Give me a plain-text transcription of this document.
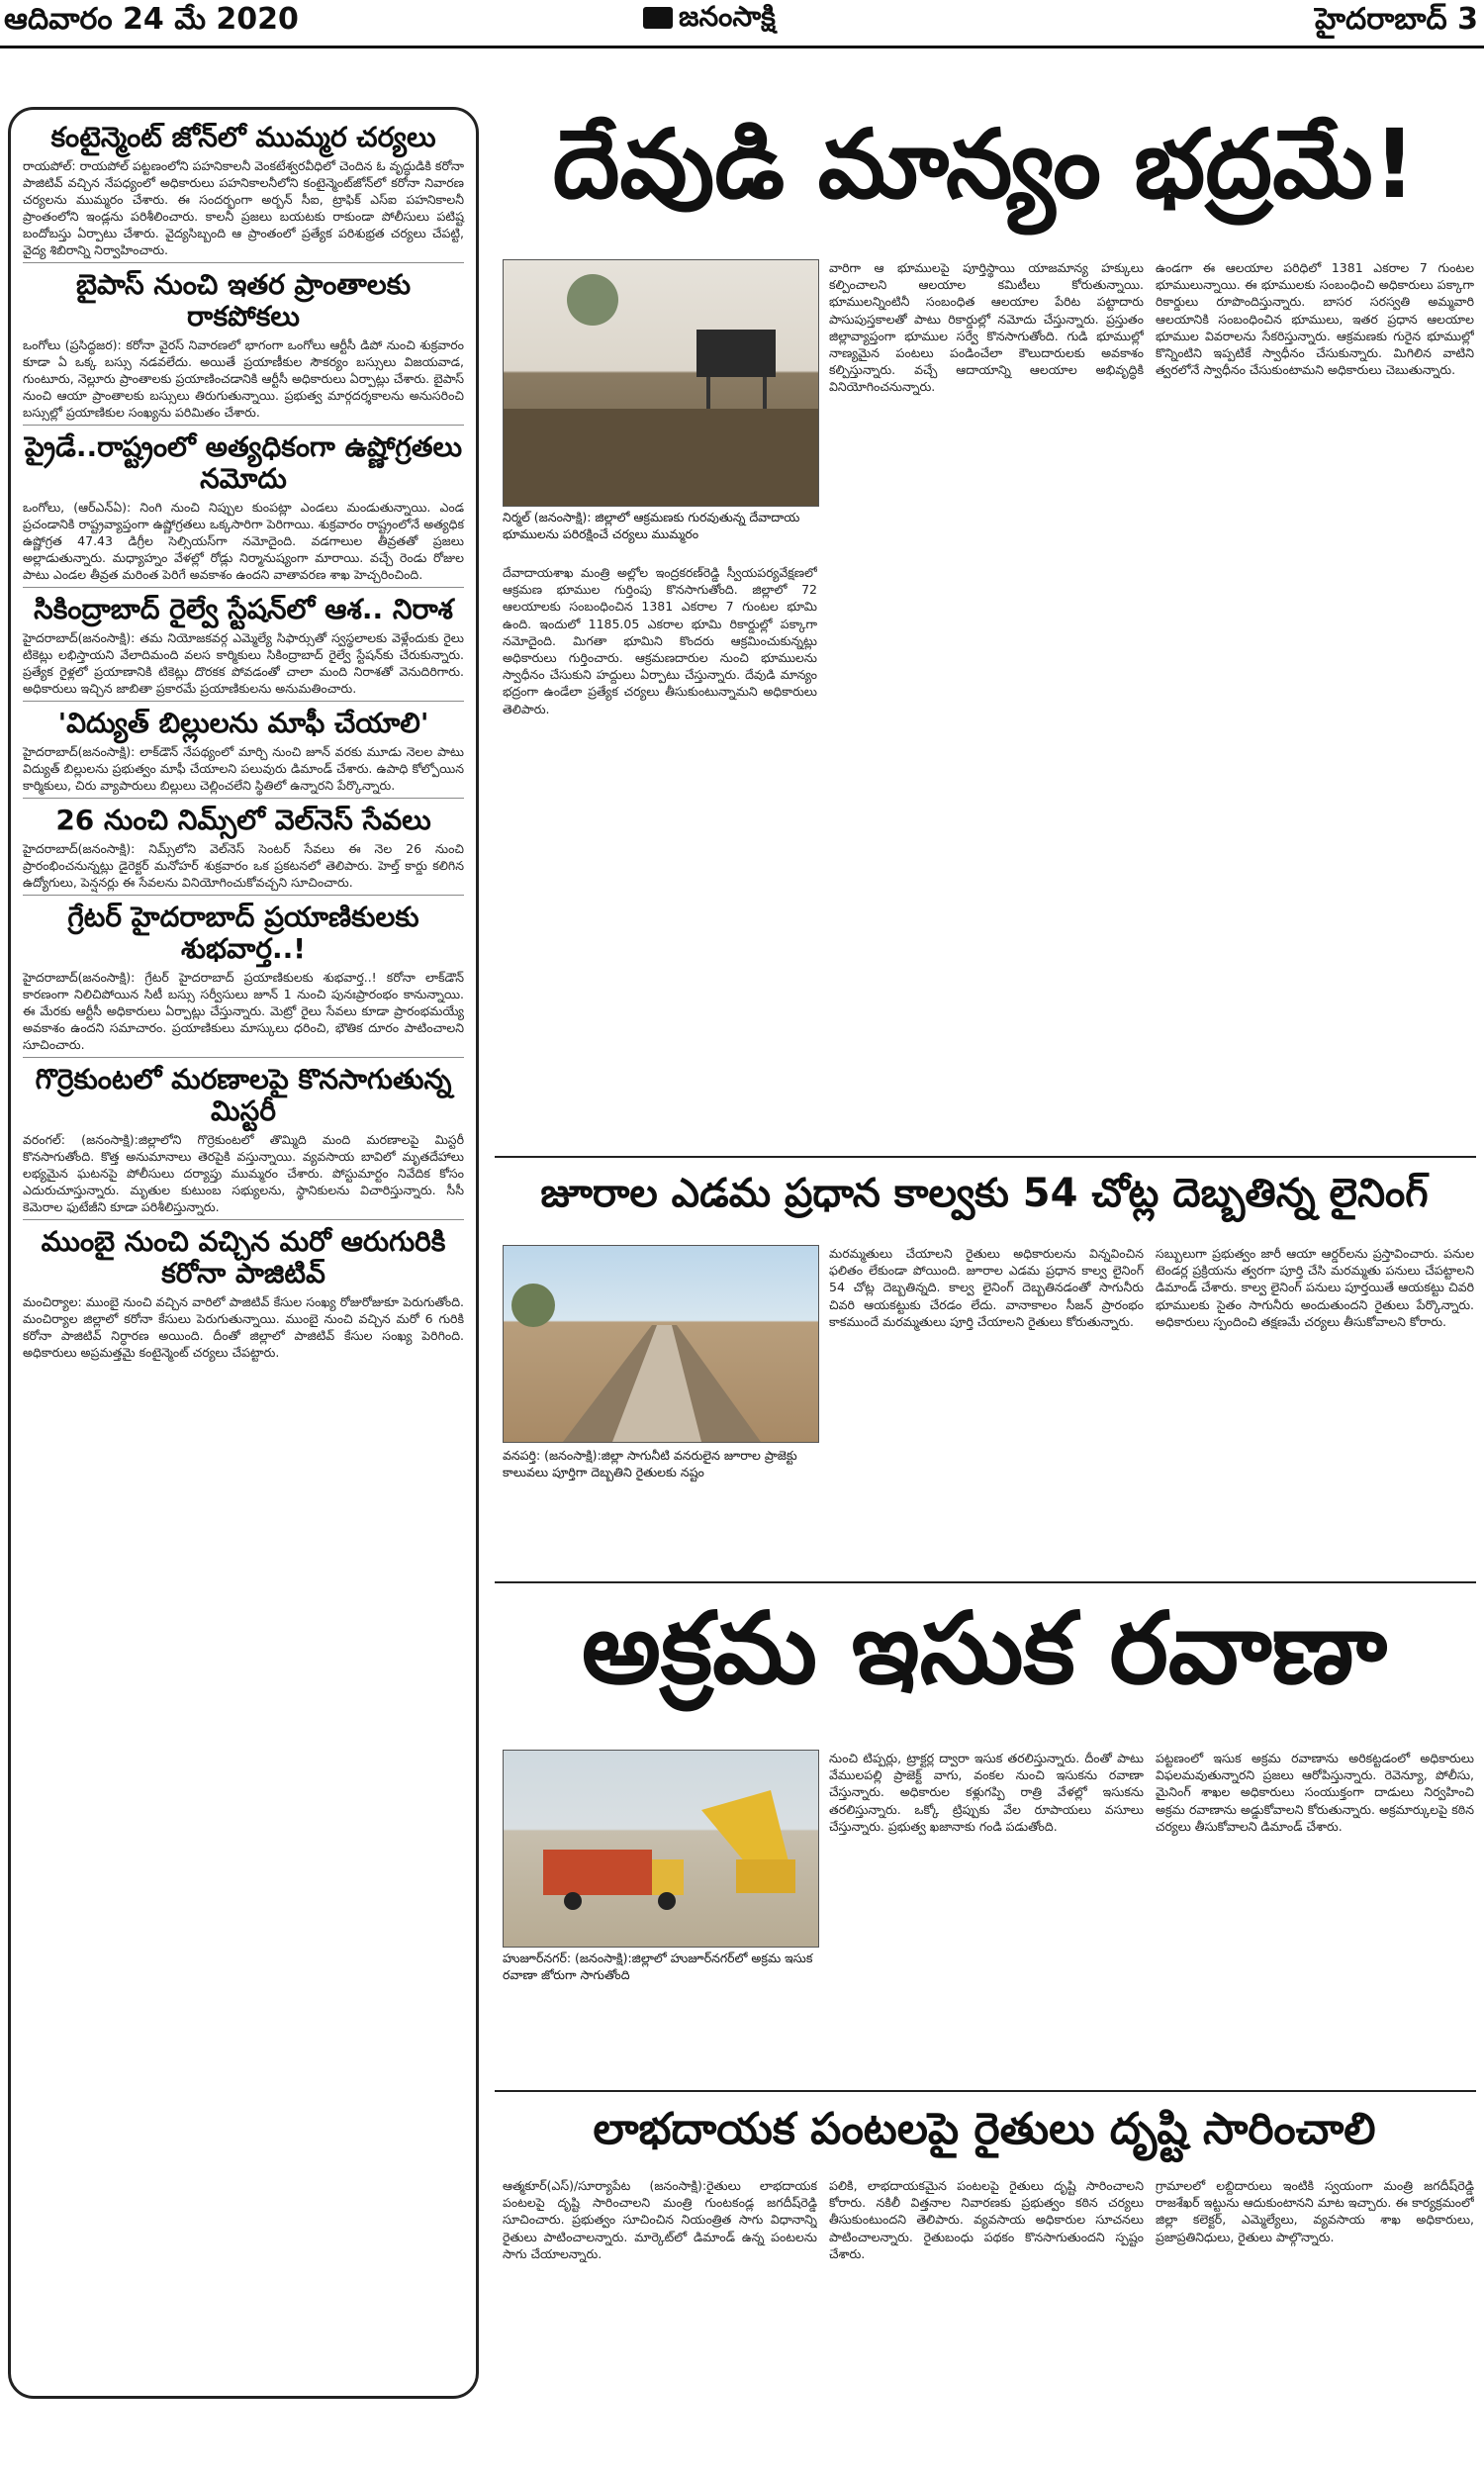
ఆదివారం 24 మే 2020	జనంసాక్షి	హైదరాబాద్ 3
కంటైన్మెంట్ జోన్‌లో ముమ్మర చర్యలు

రాయపోల్: రాయపోల్ పట్టణంలోని పహనికాలనీ వెంకటేశ్వరవీధిలో చెందిన ఓ వృద్ధుడికి కరోనా పాజిటివ్ వచ్చిన నేపధ్యంలో అధికారులు పహనికాలనీలోని కంటైన్మెంట్‌జోన్‌లో కరోనా నివారణ చర్యలను ముమ్మరం చేశారు. ఈ సందర్భంగా అర్బన్ సీఐ, ట్రాఫిక్ ఎస్‌ఐ పహనికాలనీ ప్రాంతంలోని ఇండ్లను పరిశీలించారు. కాలనీ ప్రజలు బయటకు రాకుండా పోలీసులు పటిష్ట బందోబస్తు ఏర్పాటు చేశారు. వైద్యసిబ్బంది ఆ ప్రాంతంలో ప్రత్యేక పరిశుభ్రత చర్యలు చేపట్టి, వైద్య శిబిరాన్ని నిర్వాహించారు.

బైపాస్ నుంచి ఇతర ప్రాంతాలకు రాకపోకలు

ఒంగోలు (ప్రసిద్ధజర): కరోనా వైరస్ నివారణలో భాగంగా ఒంగోలు ఆర్టీసీ డిపో నుంచి శుక్రవారం కూడా ఏ ఒక్క బస్సు నడవలేదు. అయితే ప్రయాణీకుల సౌకర్యం బస్సులు విజయవాడ, గుంటూరు, నెల్లూరు ప్రాంతాలకు ప్రయాణించడానికి ఆర్టీసీ అధికారులు ఏర్పాట్లు చేశారు. బైపాస్ నుంచి ఆయా ప్రాంతాలకు బస్సులు తిరుగుతున్నాయి. ప్రభుత్వ మార్గదర్శకాలను అనుసరించి బస్సుల్లో ప్రయాణికుల సంఖ్యను పరిమితం చేశారు.

ప్రైడే..రాష్ట్రంలో అత్యధికంగా ఉష్ణోగ్రతలు నమోదు

ఒంగోలు, (ఆర్‌ఎన్ఏ): నింగి నుంచి నిప్పుల కుంపట్లా ఎండలు మండుతున్నాయి. ఎండ ప్రచండానికి రాష్ట్రవ్యాప్తంగా ఉష్ణోగ్రతలు ఒక్కసారిగా పెరిగాయి. శుక్రవారం రాష్ట్రంలోనే అత్యధిక ఉష్ణోగ్రత 47.43 డిగ్రీల సెల్సియస్‌గా నమోదైంది. వడగాలుల తీవ్రతతో ప్రజలు అల్లాడుతున్నారు. మధ్యాహ్నం వేళల్లో రోడ్లు నిర్మానుష్యంగా మారాయి. వచ్చే రెండు రోజుల పాటు ఎండల తీవ్రత మరింత పెరిగే అవకాశం ఉందని వాతావరణ శాఖ హెచ్చరించింది.

సికింద్రాబాద్ రైల్వే స్టేషన్‌లో ఆశ.. నిరాశ

హైదరాబాద్(జనంసాక్షి): తమ నియోజకవర్గ ఎమ్మెల్యే సిఫార్సుతో స్వస్థలాలకు వెళ్లేందుకు రైలు టికెట్లు లభిస్తాయని వేలాదిమంది వలస కార్మికులు సికింద్రాబాద్ రైల్వే స్టేషన్‌కు చేరుకున్నారు. ప్రత్యేక రైళ్లలో ప్రయాణానికి టికెట్లు దొరకక పోవడంతో చాలా మంది నిరాశతో వెనుదిరిగారు. అధికారులు ఇచ్చిన జాబితా ప్రకారమే ప్రయాణికులను అనుమతించారు.

'విద్యుత్ బిల్లులను మాఫీ చేయాలి'

హైదరాబాద్(జనంసాక్షి): లాక్‌డౌన్ నేపథ్యంలో మార్చి నుంచి జూన్ వరకు మూడు నెలల పాటు విద్యుత్ బిల్లులను ప్రభుత్వం మాఫీ చేయాలని పలువురు డిమాండ్ చేశారు. ఉపాధి కోల్పోయిన కార్మికులు, చిరు వ్యాపారులు బిల్లులు చెల్లించలేని స్థితిలో ఉన్నారని పేర్కొన్నారు.

26 నుంచి నిమ్స్‌లో వెల్‌నెస్ సేవలు

హైదరాబాద్(జనంసాక్షి): నిమ్స్‌లోని వెల్‌నెస్ సెంటర్ సేవలు ఈ నెల 26 నుంచి ప్రారంభించనున్నట్లు డైరెక్టర్ మనోహర్ శుక్రవారం ఒక ప్రకటనలో తెలిపారు. హెల్త్ కార్డు కలిగిన ఉద్యోగులు, పెన్షనర్లు ఈ సేవలను వినియోగించుకోవచ్చని సూచించారు.

గ్రేటర్ హైదరాబాద్ ప్రయాణికులకు శుభవార్త..!

హైదరాబాద్(జనంసాక్షి): గ్రేటర్ హైదరాబాద్ ప్రయాణికులకు శుభవార్త..! కరోనా లాక్‌డౌన్ కారణంగా నిలిచిపోయిన సిటీ బస్సు సర్వీసులు జూన్ 1 నుంచి పునఃప్రారంభం కానున్నాయి. ఈ మేరకు ఆర్టీసీ అధికారులు ఏర్పాట్లు చేస్తున్నారు. మెట్రో రైలు సేవలు కూడా ప్రారంభమయ్యే అవకాశం ఉందని సమాచారం. ప్రయాణికులు మాస్కులు ధరించి, భౌతిక దూరం పాటించాలని సూచించారు.

గొర్రెకుంటలో మరణాలపై కొనసాగుతున్న మిస్టరీ

వరంగల్: (జనంసాక్షి):జిల్లాలోని గొర్రెకుంటలో తొమ్మిది మంది మరణాలపై మిస్టరీ కొనసాగుతోంది. కొత్త అనుమానాలు తెరపైకి వస్తున్నాయి. వ్యవసాయ బావిలో మృతదేహాలు లభ్యమైన ఘటనపై పోలీసులు దర్యాప్తు ముమ్మరం చేశారు. పోస్టుమార్టం నివేదిక కోసం ఎదురుచూస్తున్నారు. మృతుల కుటుంబ సభ్యులను, స్థానికులను విచారిస్తున్నారు. సీసీ కెమెరాల ఫుటేజీని కూడా పరిశీలిస్తున్నారు.

ముంబై నుంచి వచ్చిన మరో ఆరుగురికి కరోనా పాజిటివ్

మంచిర్యాల: ముంబై నుంచి వచ్చిన వారిలో పాజిటివ్ కేసుల సంఖ్య రోజురోజుకూ పెరుగుతోంది. మంచిర్యాల జిల్లాలో కరోనా కేసులు పెరుగుతున్నాయి. ముంబై నుంచి వచ్చిన మరో 6 గురికి కరోనా పాజిటివ్ నిర్ధారణ అయింది. దీంతో జిల్లాలో పాజిటివ్ కేసుల సంఖ్య పెరిగింది. అధికారులు అప్రమత్తమై కంటైన్మెంట్ చర్యలు చేపట్టారు.

దేవుడి మాన్యం భద్రమే!
నిర్మల్ (జనంసాక్షి): జిల్లాలో ఆక్రమణకు గురవుతున్న దేవాదాయ భూములను పరిరక్షించే చర్యలు ముమ్మరం
దేవాదాయశాఖ మంత్రి అల్లోల ఇంద్రకరణ్‌రెడ్డి స్వీయపర్యవేక్షణలో ఆక్రమణ భూముల గుర్తింపు కొనసాగుతోంది. జిల్లాలో 72 ఆలయాలకు సంబంధించిన 1381 ఎకరాల 7 గుంటల భూమి ఉంది. ఇందులో 1185.05 ఎకరాల భూమి రికార్డుల్లో పక్కాగా నమోదైంది. మిగతా భూమిని కొందరు ఆక్రమించుకున్నట్లు అధికారులు గుర్తించారు. ఆక్రమణదారుల నుంచి భూములను స్వాధీనం చేసుకుని హద్దులు ఏర్పాటు చేస్తున్నారు. దేవుడి మాన్యం భద్రంగా ఉండేలా ప్రత్యేక చర్యలు తీసుకుంటున్నామని అధికారులు తెలిపారు.
వారిగా ఆ భూములపై పూర్తిస్థాయి యాజమాన్య హక్కులు కల్పించాలని ఆలయాల కమిటీలు కోరుతున్నాయి. భూములన్నింటినీ సంబంధిత ఆలయాల పేరిట పట్టాదారు పాసుపుస్తకాలతో పాటు రికార్డుల్లో నమోదు చేస్తున్నారు. ప్రస్తుతం జిల్లావ్యాప్తంగా భూముల సర్వే కొనసాగుతోంది. గుడి భూముల్లో నాణ్యమైన పంటలు పండించేలా కౌలుదారులకు అవకాశం కల్పిస్తున్నారు. వచ్చే ఆదాయాన్ని ఆలయాల అభివృద్ధికి వినియోగించనున్నారు.
ఉండగా ఈ ఆలయాల పరిధిలో 1381 ఎకరాల 7 గుంటల భూములున్నాయి. ఈ భూములకు సంబంధించి అధికారులు పక్కాగా రికార్డులు రూపొందిస్తున్నారు. బాసర సరస్వతి అమ్మవారి ఆలయానికి సంబంధించిన భూములు, ఇతర ప్రధాన ఆలయాల భూముల వివరాలను సేకరిస్తున్నారు. ఆక్రమణకు గురైన భూముల్లో కొన్నింటిని ఇప్పటికే స్వాధీనం చేసుకున్నారు. మిగిలిన వాటిని త్వరలోనే స్వాధీనం చేసుకుంటామని అధికారులు చెబుతున్నారు.
జూరాల ఎడమ ప్రధాన కాల్వకు 54 చోట్ల దెబ్బతిన్న లైనింగ్
వనపర్తి: (జనంసాక్షి):జిల్లా సాగునీటి వనరులైన జూరాల ప్రాజెక్టు కాలువలు పూర్తిగా దెబ్బతిని రైతులకు నష్టం
మరమ్మతులు చేయాలని రైతులు అధికారులను విన్నవించిన ఫలితం లేకుండా పోయింది. జూరాల ఎడమ ప్రధాన కాల్వ లైనింగ్ 54 చోట్ల దెబ్బతిన్నది. కాల్వ లైనింగ్ దెబ్బతినడంతో సాగునీరు చివరి ఆయకట్టుకు చేరడం లేదు. వానాకాలం సీజన్ ప్రారంభం కాకముందే మరమ్మతులు పూర్తి చేయాలని రైతులు కోరుతున్నారు.
సబ్బులుగా ప్రభుత్వం జారీ ఆయా ఆర్డర్‌లను ప్రస్తావించారు. పనుల టెండర్ల ప్రక్రియను త్వరగా పూర్తి చేసి మరమ్మతు పనులు చేపట్టాలని డిమాండ్ చేశారు. కాల్వ లైనింగ్ పనులు పూర్తయితే ఆయకట్టు చివరి భూములకు సైతం సాగునీరు అందుతుందని రైతులు పేర్కొన్నారు. అధికారులు స్పందించి తక్షణమే చర్యలు తీసుకోవాలని కోరారు.
అక్రమ ఇసుక రవాణా
హుజూర్‌నగర్: (జనంసాక్షి):జిల్లాలో హుజూర్‌నగర్‌లో అక్రమ ఇసుక రవాణా జోరుగా సాగుతోంది
నుంచి టిప్పర్లు, ట్రాక్టర్ల ద్వారా ఇసుక తరలిస్తున్నారు. దీంతో పాటు వేములపల్లి ప్రాజెక్ట్ వాగు, వంకల నుంచి ఇసుకను రవాణా చేస్తున్నారు. అధికారుల కళ్లుగప్పి రాత్రి వేళల్లో ఇసుకను తరలిస్తున్నారు. ఒక్కో ట్రిప్పుకు వేల రూపాయలు వసూలు చేస్తున్నారు. ప్రభుత్వ ఖజానాకు గండి పడుతోంది.
పట్టణంలో ఇసుక అక్రమ రవాణాను అరికట్టడంలో అధికారులు విఫలమవుతున్నారని ప్రజలు ఆరోపిస్తున్నారు. రెవెన్యూ, పోలీసు, మైనింగ్ శాఖల అధికారులు సంయుక్తంగా దాడులు నిర్వహించి అక్రమ రవాణాను అడ్డుకోవాలని కోరుతున్నారు. అక్రమార్కులపై కఠిన చర్యలు తీసుకోవాలని డిమాండ్ చేశారు.
లాభదాయక పంటలపై రైతులు దృష్టి సారించాలి
ఆత్మకూర్(ఎస్)/సూర్యాపేట (జనంసాక్షి):రైతులు లాభదాయక పంటలపై దృష్టి సారించాలని మంత్రి గుంటకండ్ల జగదీష్‌రెడ్డి సూచించారు. ప్రభుత్వం సూచించిన నియంత్రిత సాగు విధానాన్ని రైతులు పాటించాలన్నారు. మార్కెట్‌లో డిమాండ్ ఉన్న పంటలను సాగు చేయాలన్నారు.
పలికి, లాభదాయకమైన పంటలపై రైతులు దృష్టి సారించాలని కోరారు. నకిలీ విత్తనాల నివారణకు ప్రభుత్వం కఠిన చర్యలు తీసుకుంటుందని తెలిపారు. వ్యవసాయ అధికారుల సూచనలు పాటించాలన్నారు. రైతుబంధు పథకం కొనసాగుతుందని స్పష్టం చేశారు.
గ్రామాలలో లబ్దిదారులు ఇంటికి స్వయంగా మంత్రి జగదీష్‌రెడ్డి రాజశేఖర్ ఇట్టును ఆదుకుంటానని మాట ఇచ్చారు. ఈ కార్యక్రమంలో జిల్లా కలెక్టర్, ఎమ్మెల్యేలు, వ్యవసాయ శాఖ అధికారులు, ప్రజాప్రతినిధులు, రైతులు పాల్గొన్నారు.
